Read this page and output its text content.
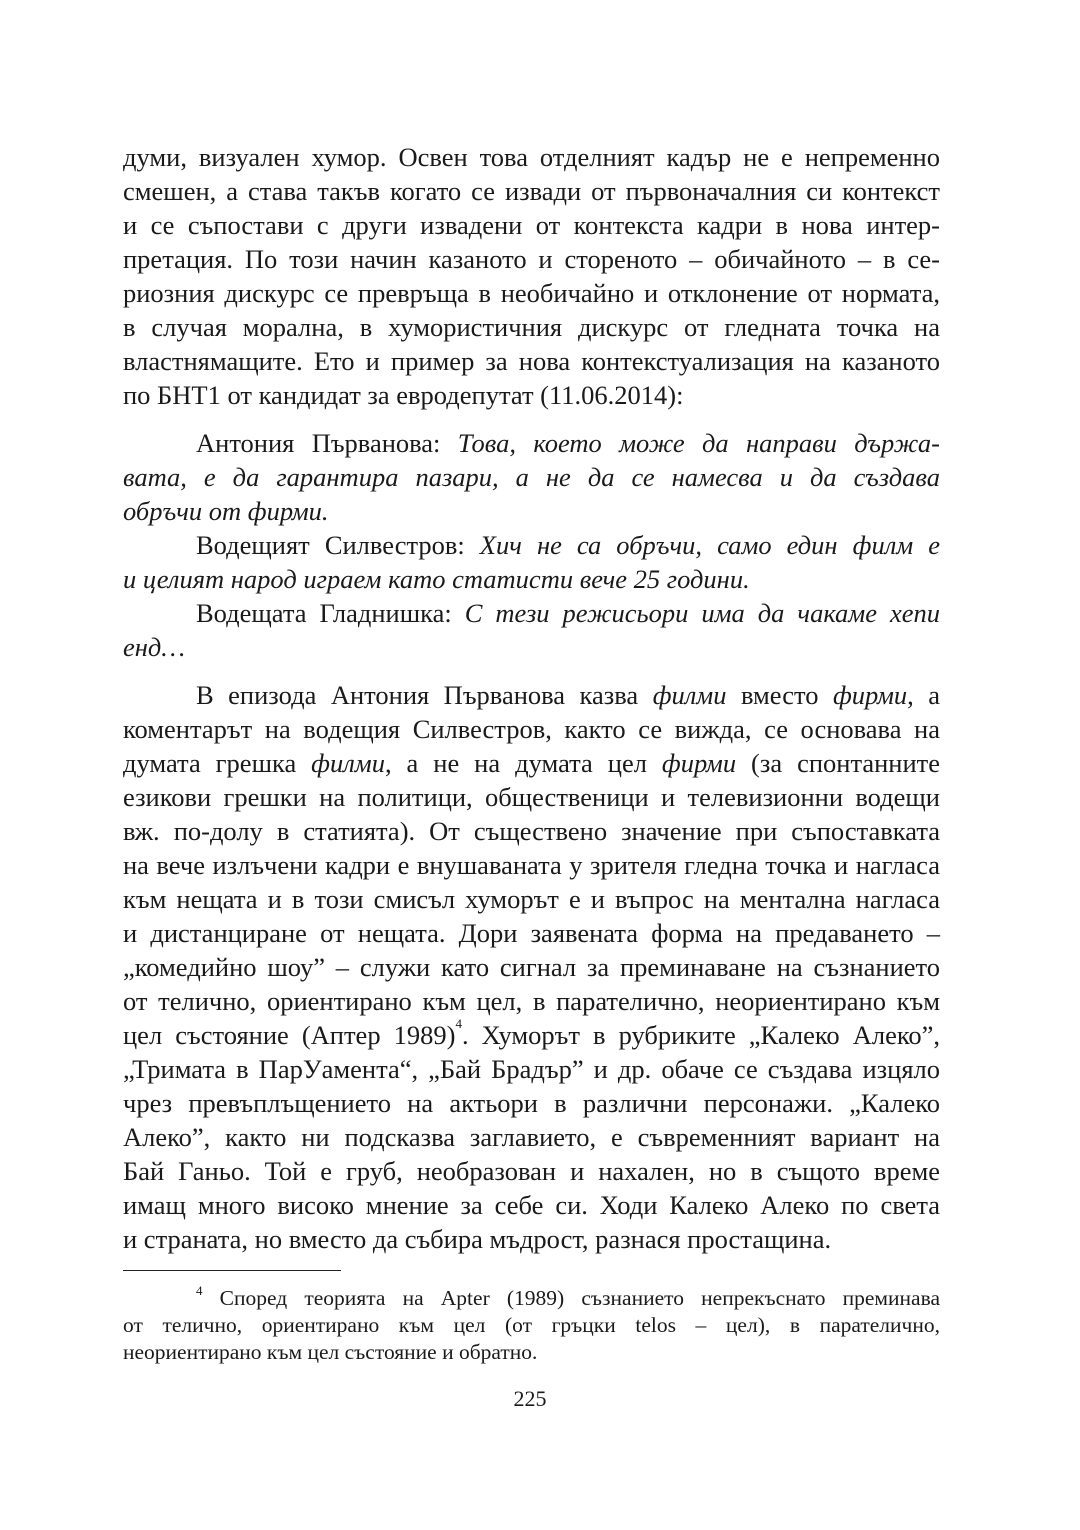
думи, визуален хумор. Освен това отделният кадър не е непременно
смешен, а става такъв когато се извади от първоначалния си контекст
и се съпостави с други извадени от контекста кадри в нова интер-
претация. По този начин казаното и стореното – обичайното – в се-
риозния дискурс се превръща в необичайно и отклонение от нормата,
в случая морална, в хумористичния дискурс от гледната точка на
властнямащите. Ето и пример за нова контекстуализация на казаното
по БНТ1 от кандидат за евродепутат (11.06.2014):
Антония Първанова: Това, което може да направи държа-
вата, е да гарантира пазари, а не да се намесва и да създава
обръчи от фирми.
Водещият Силвестров: Хич не са обръчи, само един филм е
и целият народ играем като статисти вече 25 години.
Водещата Гладнишка: С тези режисьори има да чакаме хепи
енд…
В епизода Антония Първанова казва филми вместо фирми, а
коментарът на водещия Силвестров, както се вижда, се основава на
думата грешка филми, а не на думата цел фирми (за спонтанните
езикови грешки на политици, общественици и телевизионни водещи
вж. по-долу в статията). От съществено значение при съпоставката
на вече излъчени кадри е внушаваната у зрителя гледна точка и нагласа
към нещата и в този смисъл хуморът е и въпрос на ментална нагласа
и дистанциране от нещата. Дори заявената форма на предаването –
„комедийно шоу” – служи като сигнал за преминаване на съзнанието
от телично, ориентирано към цел, в парателично, неориентирано към
цел състояние (Аптер 1989)$^4$. Хуморът в рубриките „Калеко Алеко”,
„Тримата в ПарУамента“, „Бай Брадър” и др. обаче се създава изцяло
чрез превъплъщението на актьори в различни персонажи. „Калеко
Алеко”, както ни подсказва заглавието, е съвременният вариант на
Бай Ганьо. Той е груб, необразован и нахален, но в същото време
имащ много високо мнение за себе си. Ходи Калеко Алеко по света
и страната, но вместо да събира мъдрост, разнася простащина.
$^4$ Според теорията на Apter (1989) съзнанието непрекъснато преминава
от телично, ориентирано към цел (от гръцки telos – цел), в парателично,
неориентирано към цел състояние и обратно.
225
